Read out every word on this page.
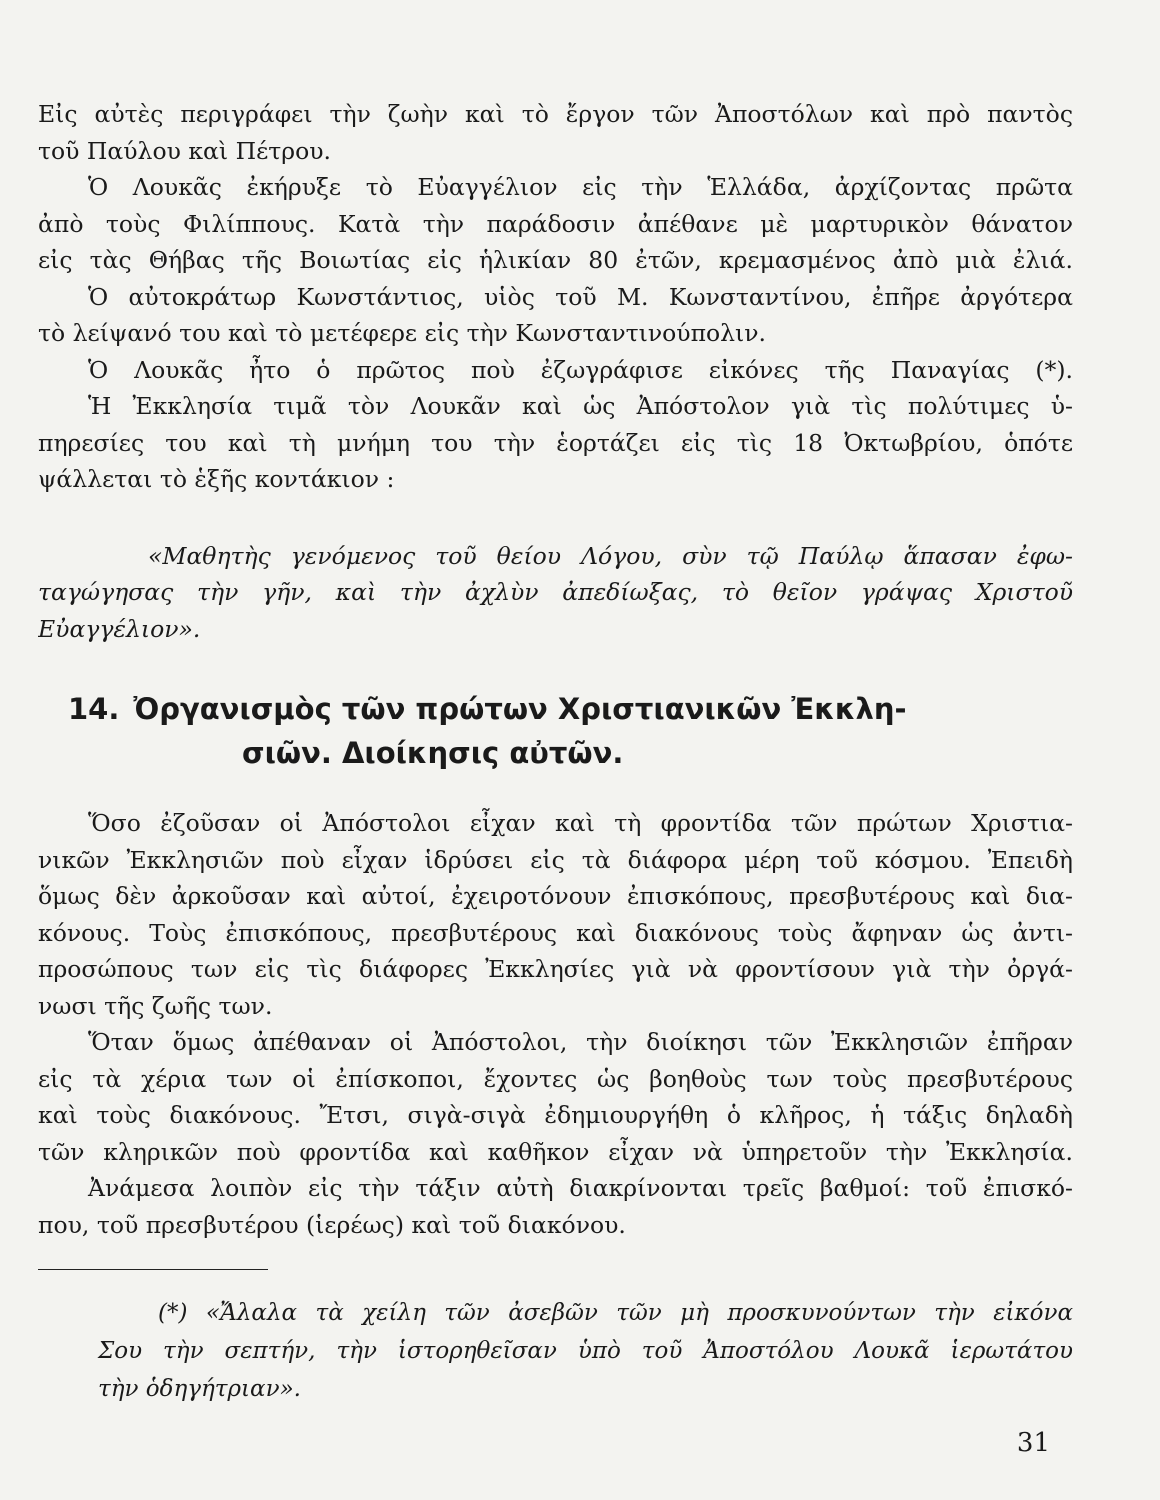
Εἰς αὐτὲς περιγράφει τὴν ζωὴν καὶ τὸ ἔργον τῶν Ἀποστόλων καὶ πρὸ παντὸς
τοῦ Παύλου καὶ Πέτρου.
Ὁ Λουκᾶς ἐκήρυξε τὸ Εὐαγγέλιον εἰς τὴν Ἑλλάδα, ἀρχίζοντας πρῶτα
ἀπὸ τοὺς Φιλίππους. Κατὰ τὴν παράδοσιν ἀπέθανε μὲ μαρτυρικὸν θάνατον
εἰς τὰς Θήβας τῆς Βοιωτίας εἰς ἡλικίαν 80 ἐτῶν, κρεμασμένος ἀπὸ μιὰ ἐλιά.
Ὁ αὐτοκράτωρ Κωνστάντιος, υἱὸς τοῦ Μ. Κωνσταντίνου, ἐπῆρε ἀργότερα
τὸ λείψανό του καὶ τὸ μετέφερε εἰς τὴν Κωνσταντινούπολιν.
Ὁ Λουκᾶς ἦτο ὁ πρῶτος ποὺ ἐζωγράφισε εἰκόνες τῆς Παναγίας (*).
Ἡ Ἐκκλησία τιμᾶ τὸν Λουκᾶν καὶ ὡς Ἀπόστολον γιὰ τὶς πολύτιμες ὑ-
πηρεσίες του καὶ τὴ μνήμη του τὴν ἑορτάζει εἰς τὶς 18 Ὀκτωβρίου, ὁπότε
ψάλλεται τὸ ἑξῆς κοντάκιον :
«Μαθητὴς γενόμενος τοῦ θείου Λόγου, σὺν τῷ Παύλῳ ἅπασαν ἐφω-
ταγώγησας τὴν γῆν, καὶ τὴν ἀχλὺν ἀπεδίωξας, τὸ θεῖον γράψας Χριστοῦ
Εὐαγγέλιον».
14. Ὀργανισμὸς τῶν πρώτων Χριστιανικῶν Ἐκκλη-
σιῶν. Διοίκησις αὐτῶν.
Ὅσο ἐζοῦσαν οἱ Ἀπόστολοι εἶχαν καὶ τὴ φροντίδα τῶν πρώτων Χριστια-
νικῶν Ἐκκλησιῶν ποὺ εἶχαν ἱδρύσει εἰς τὰ διάφορα μέρη τοῦ κόσμου. Ἐπειδὴ
ὅμως δὲν ἀρκοῦσαν καὶ αὐτοί, ἐχειροτόνουν ἐπισκόπους, πρεσβυτέρους καὶ δια-
κόνους. Τοὺς ἐπισκόπους, πρεσβυτέρους καὶ διακόνους τοὺς ἄφηναν ὡς ἀντι-
προσώπους των εἰς τὶς διάφορες Ἐκκλησίες γιὰ νὰ φροντίσουν γιὰ τὴν ὀργά-
νωσι τῆς ζωῆς των.
Ὅταν ὅμως ἀπέθαναν οἱ Ἀπόστολοι, τὴν διοίκησι τῶν Ἐκκλησιῶν ἐπῆραν
εἰς τὰ χέρια των οἱ ἐπίσκοποι, ἔχοντες ὡς βοηθοὺς των τοὺς πρεσβυτέρους
καὶ τοὺς διακόνους. Ἔτσι, σιγὰ-σιγὰ ἐδημιουργήθη ὁ κλῆρος, ἡ τάξις δηλαδὴ
τῶν κληρικῶν ποὺ φροντίδα καὶ καθῆκον εἶχαν νὰ ὑπηρετοῦν τὴν Ἐκκλησία.
Ἀνάμεσα λοιπὸν εἰς τὴν τάξιν αὐτὴ διακρίνονται τρεῖς βαθμοί: τοῦ ἐπισκό-
που, τοῦ πρεσβυτέρου (ἱερέως) καὶ τοῦ διακόνου.
(*) «Ἄλαλα τὰ χείλη τῶν ἀσεβῶν τῶν μὴ προσκυνούντων τὴν εἰκόνα
Σου τὴν σεπτήν, τὴν ἱστορηθεῖσαν ὑπὸ τοῦ Ἀποστόλου Λουκᾶ ἱερωτάτου
τὴν ὁδηγήτριαν».
31
